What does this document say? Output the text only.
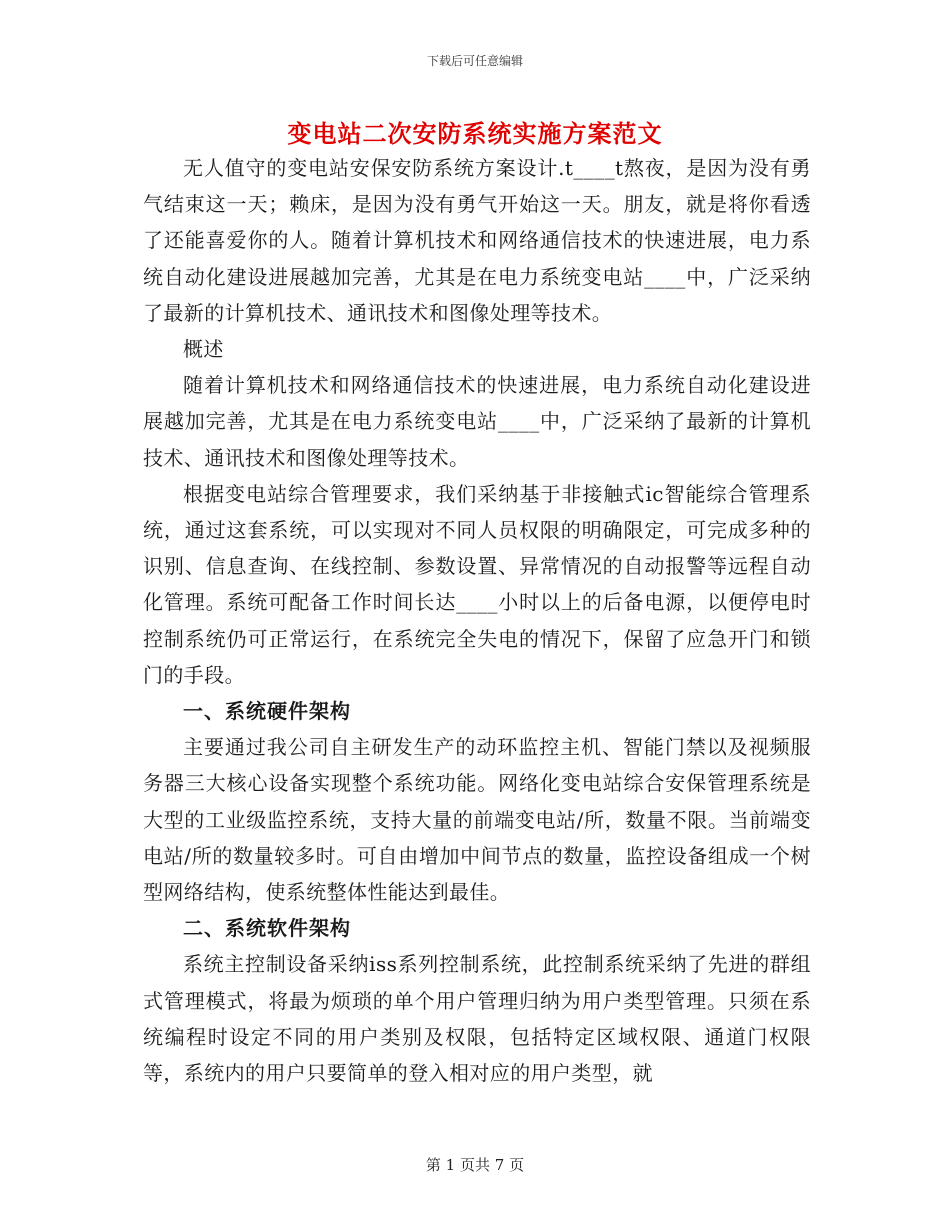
下载后可任意编辑
变电站二次安防系统实施方案范文

无人值守的变电站安保安防系统方案设计.t____t熬夜，是因为没有勇气结束这一天；赖床，是因为没有勇气开始这一天。朋友，就是将你看透了还能喜爱你的人。随着计算机技术和网络通信技术的快速进展，电力系统自动化建设进展越加完善，尤其是在电力系统变电站____中，广泛采纳了最新的计算机技术、通讯技术和图像处理等技术。

概述

随着计算机技术和网络通信技术的快速进展，电力系统自动化建设进展越加完善，尤其是在电力系统变电站____中，广泛采纳了最新的计算机技术、通讯技术和图像处理等技术。

根据变电站综合管理要求，我们采纳基于非接触式ic智能综合管理系统，通过这套系统，可以实现对不同人员权限的明确限定，可完成多种的识别、信息查询、在线控制、参数设置、异常情况的自动报警等远程自动化管理。系统可配备工作时间长达____小时以上的后备电源，以便停电时控制系统仍可正常运行，在系统完全失电的情况下，保留了应急开门和锁门的手段。

一、系统硬件架构

主要通过我公司自主研发生产的动环监控主机、智能门禁以及视频服务器三大核心设备实现整个系统功能。网络化变电站综合安保管理系统是大型的工业级监控系统，支持大量的前端变电站/所，数量不限。当前端变电站/所的数量较多时。可自由增加中间节点的数量，监控设备组成一个树型网络结构，使系统整体性能达到最佳。

二、系统软件架构

系统主控制设备采纳iss系列控制系统，此控制系统采纳了先进的群组式管理模式，将最为烦琐的单个用户管理归纳为用户类型管理。只须在系统编程时设定不同的用户类别及权限，包括特定区域权限、通道门权限等，系统内的用户只要简单的登入相对应的用户类型，就

第 1 页共 7 页
